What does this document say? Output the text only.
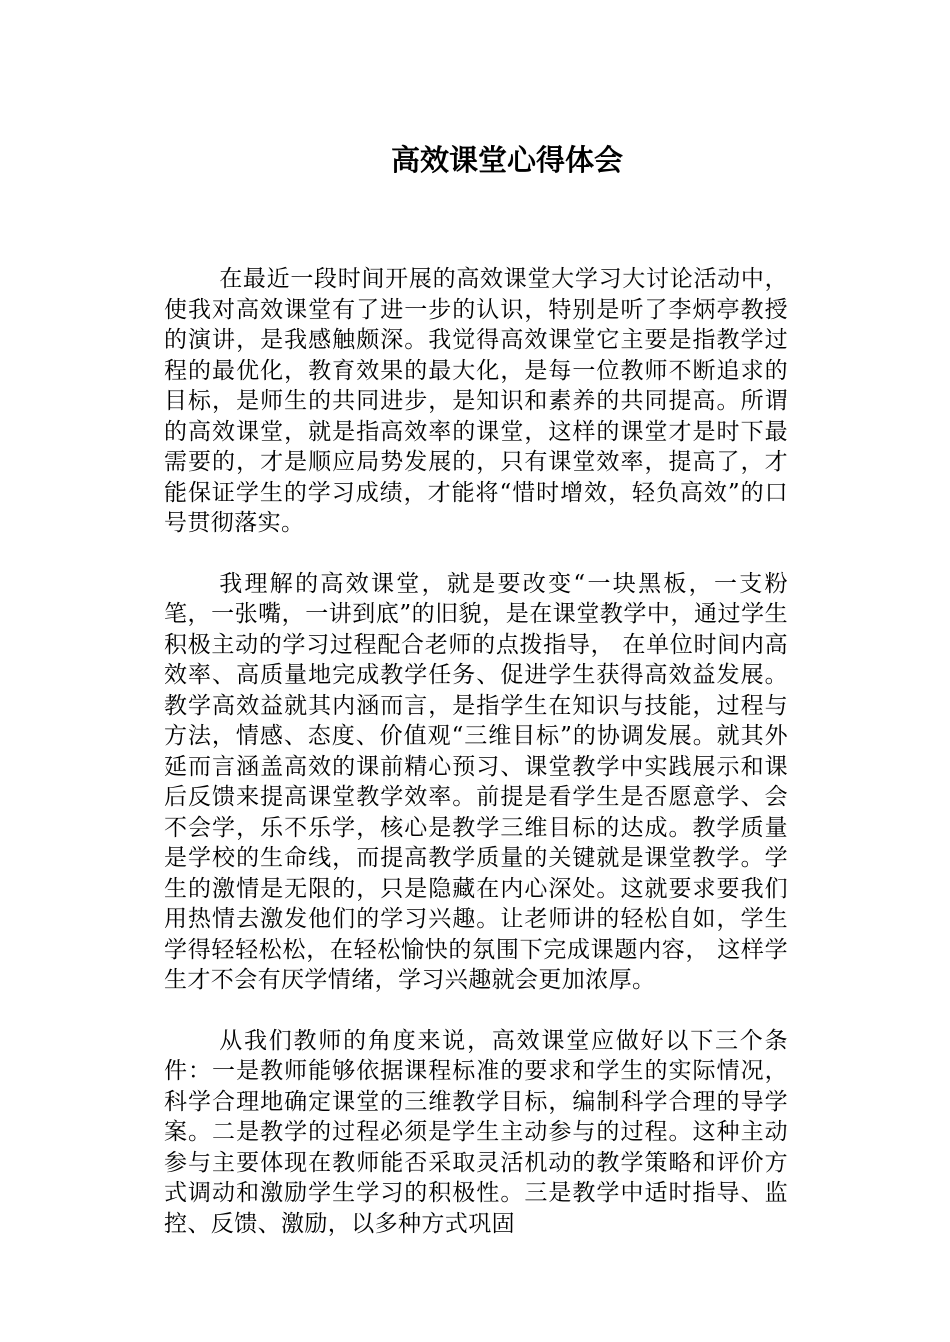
高效课堂心得体会

在最近一段时间开展的高效课堂大学习大讨论活动中，使我对高效课堂有了进一步的认识，特别是听了李炳亭教授的演讲，是我感触颇深。我觉得高效课堂它主要是指教学过程的最优化，教育效果的最大化，是每一位教师不断追求的目标，是师生的共同进步，是知识和素养的共同提高。所谓的高效课堂，就是指高效率的课堂，这样的课堂才是时下最需要的，才是顺应局势发展的，只有课堂效率，提高了，才能保证学生的学习成绩，才能将“惜时增效，轻负高效”的口号贯彻落实。

我理解的高效课堂，就是要改变“一块黑板，一支粉笔，一张嘴，一讲到底”的旧貌，是在课堂教学中，通过学生积极主动的学习过程配合老师的点拨指导， 在单位时间内高效率、高质量地完成教学任务、促进学生获得高效益发展。教学高效益就其内涵而言，是指学生在知识与技能，过程与方法，情感、态度、价值观“三维目标”的协调发展。就其外延而言涵盖高效的课前精心预习、课堂教学中实践展示和课后反馈来提高课堂教学效率。前提是看学生是否愿意学、会不会学，乐不乐学，核心是教学三维目标的达成。教学质量是学校的生命线，而提高教学质量的关键就是课堂教学。学生的激情是无限的，只是隐藏在内心深处。这就要求要我们用热情去激发他们的学习兴趣。让老师讲的轻松自如，学生学得轻轻松松，在轻松愉快的氛围下完成课题内容， 这样学生才不会有厌学情绪，学习兴趣就会更加浓厚。

从我们教师的角度来说，高效课堂应做好以下三个条件：一是教师能够依据课程标准的要求和学生的实际情况，科学合理地确定课堂的三维教学目标，编制科学合理的导学案。二是教学的过程必须是学生主动参与的过程。这种主动参与主要体现在教师能否采取灵活机动的教学策略和评价方式调动和激励学生学习的积极性。三是教学中适时指导、监控、反馈、激励，以多种方式巩固
